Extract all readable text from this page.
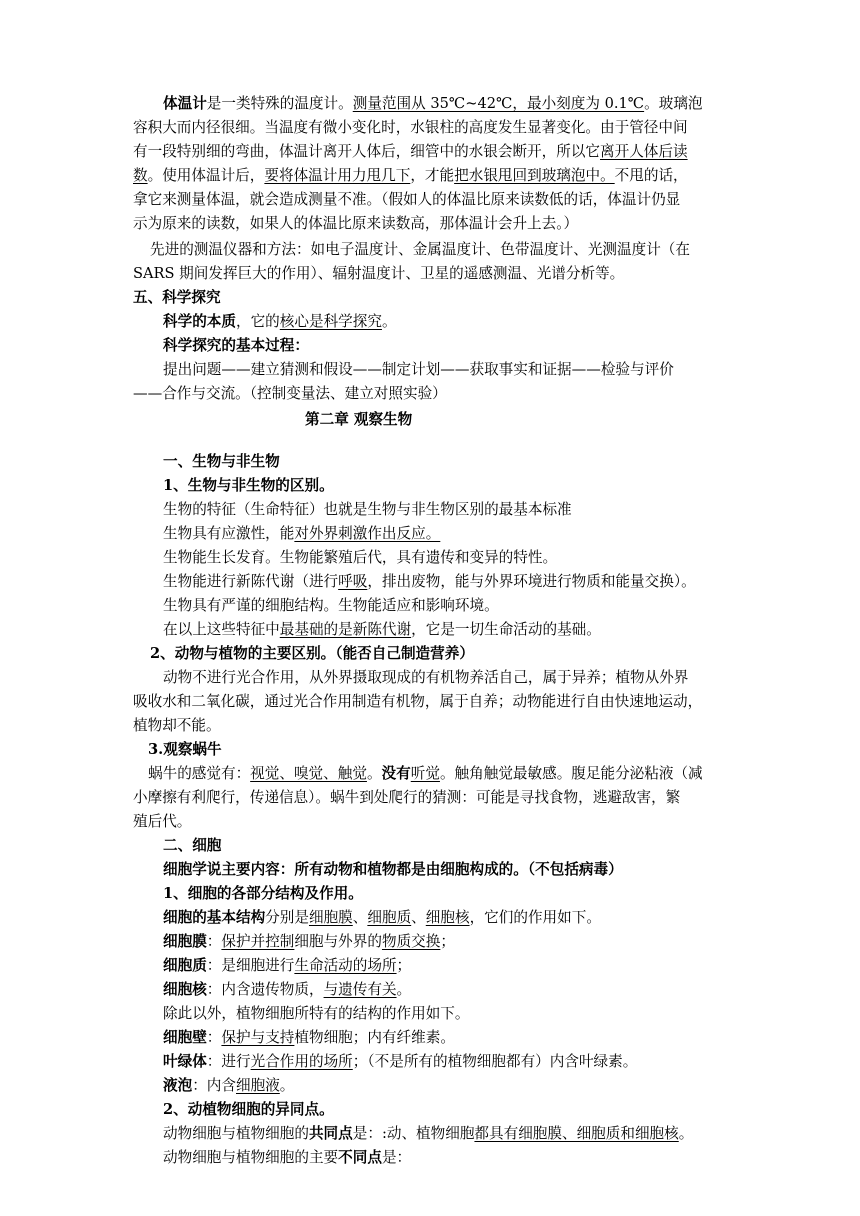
体温计是一类特殊的温度计。测量范围从 35℃~42℃，最小刻度为 0.1℃。玻璃泡
容积大而内径很细。当温度有微小变化时，水银柱的高度发生显著变化。由于管径中间
有一段特别细的弯曲，体温计离开人体后，细管中的水银会断开，所以它离开人体后读
数。使用体温计后，要将体温计用力甩几下，才能把水银甩回到玻璃泡中。不甩的话，
拿它来测量体温，就会造成测量不准。（假如人的体温比原来读数低的话，体温计仍显
示为原来的读数，如果人的体温比原来读数高，那体温计会升上去。）
先进的测温仪器和方法：如电子温度计、金属温度计、色带温度计、光测温度计（在
SARS 期间发挥巨大的作用）、辐射温度计、卫星的遥感测温、光谱分析等。
五、科学探究
科学的本质，它的核心是科学探究。
科学探究的基本过程：
提出问题——建立猜测和假设——制定计划——获取事实和证据——检验与评价
——合作与交流。（控制变量法、建立对照实验）
第二章 观察生物
一、生物与非生物
1、生物与非生物的区别。
生物的特征（生命特征）也就是生物与非生物区别的最基本标准
生物具有应激性，能对外界刺激作出反应。
生物能生长发育。生物能繁殖后代，具有遗传和变异的特性。
生物能进行新陈代谢（进行呼吸，排出废物，能与外界环境进行物质和能量交换）。
生物具有严谨的细胞结构。生物能适应和影响环境。
在以上这些特征中最基础的是新陈代谢，它是一切生命活动的基础。
2、动物与植物的主要区别。（能否自己制造营养）
动物不进行光合作用，从外界摄取现成的有机物养活自己，属于异养；植物从外界
吸收水和二氧化碳，通过光合作用制造有机物，属于自养；动物能进行自由快速地运动，
植物却不能。
3.观察蜗牛
蜗牛的感觉有：视觉、嗅觉、触觉。没有听觉。触角触觉最敏感。腹足能分泌粘液（减
小摩擦有利爬行，传递信息）。蜗牛到处爬行的猜测：可能是寻找食物，逃避敌害，繁
殖后代。
二、细胞
细胞学说主要内容：所有动物和植物都是由细胞构成的。（不包括病毒）
1、细胞的各部分结构及作用。
细胞的基本结构分别是细胞膜、细胞质、细胞核，它们的作用如下。
细胞膜：保护并控制细胞与外界的物质交换；
细胞质：是细胞进行生命活动的场所；
细胞核：内含遗传物质，与遗传有关。
除此以外，植物细胞所特有的结构的作用如下。
细胞壁：保护与支持植物细胞；内有纤维素。
叶绿体：进行光合作用的场所；（不是所有的植物细胞都有）内含叶绿素。
液泡：内含细胞液。
2、动植物细胞的异同点。
动物细胞与植物细胞的共同点是：:动、植物细胞都具有细胞膜、细胞质和细胞核。
动物细胞与植物细胞的主要不同点是：
